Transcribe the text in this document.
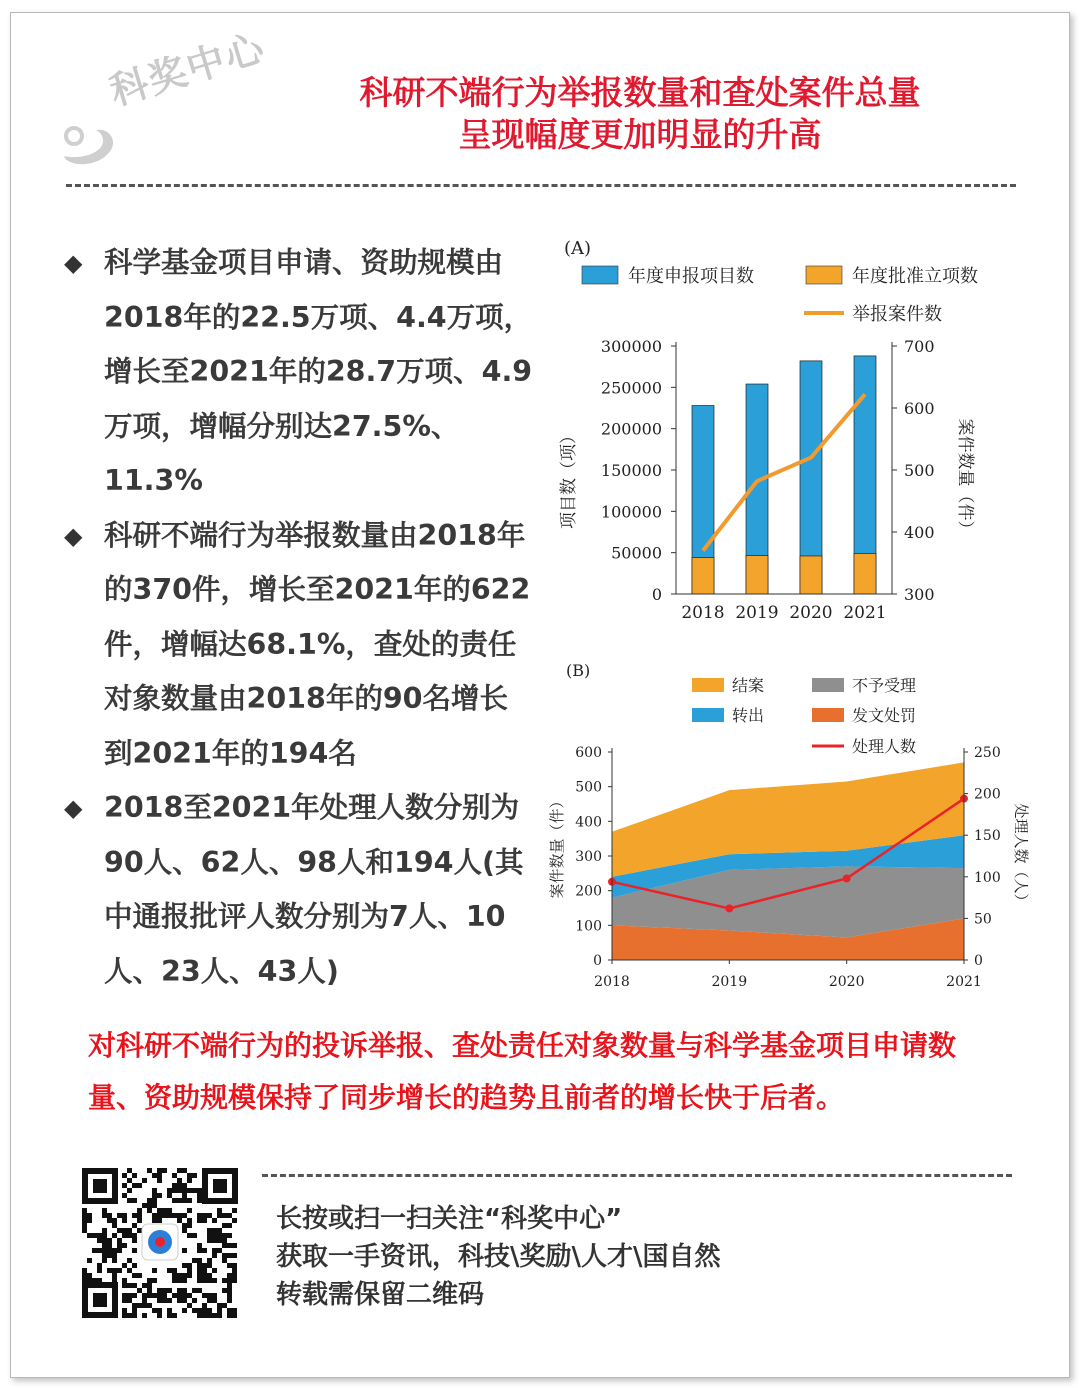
科奖中心	科研不端行为举报数量和查处案件总量
呈现幅度更加明显的升高
◆ 科学基金项目申请、资助规模由2018年的22.5万项、4.4万项，增长至2021年的28.7万项、4.9万项，增幅分别达27.5%、11.3%
◆ 科研不端行为举报数量由2018年的370件，增长至2021年的622件，增幅达68.1%，查处的责任对象数量由2018年的90名增长到2021年的194名
◆ 2018至2021年处理人数分别为90人、62人、98人和194人(其中通报批评人数分别为7人、10人、23人、43人)
(A)
年度申报项目数	年度批准立项数
举报案件数
2018 2019 2020 2021
0
50000
100000
150000
200000
250000
300000
300
400
500
600
700
项目数（项）	案件数量（件）
(B)
结案	不予受理
转出	发文处罚
处理人数
2018	2019	2020	2021
0
100
200
300
400
500
600
0
50
100
150
200
250
案件数量（件）	处理人数（人）
对科研不端行为的投诉举报、查处责任对象数量与科学基金项目申请数量、资助规模保持了同步增长的趋势且前者的增长快于后者。
长按或扫一扫关注“科奖中心”
获取一手资讯，科技\奖励\人才\国自然
转载需保留二维码
